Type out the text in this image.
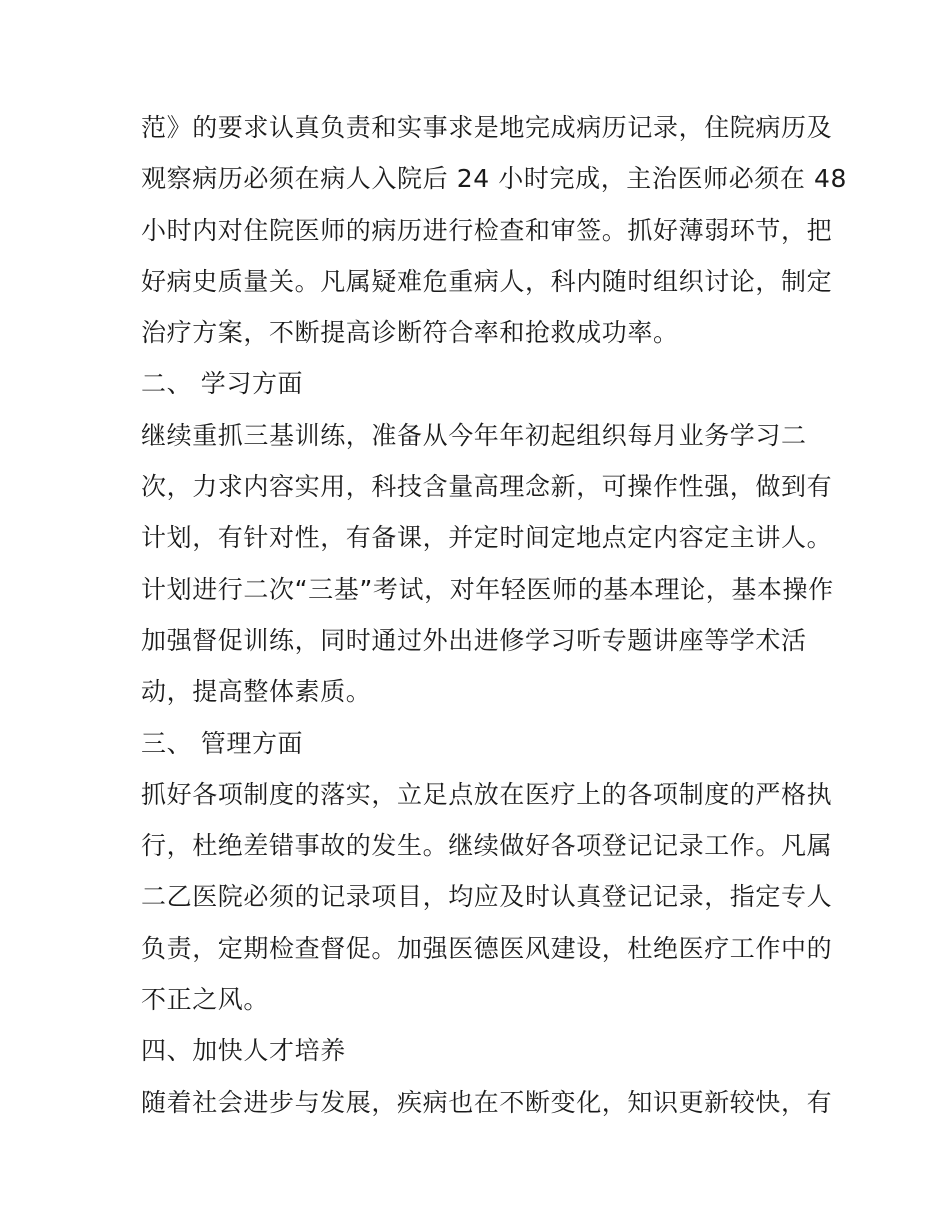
范》的要求认真负责和实事求是地完成病历记录，住院病历及

观察病历必须在病人入院后 24 小时完成，主治医师必须在 48

小时内对住院医师的病历进行检查和审签。抓好薄弱环节，把

好病史质量关。凡属疑难危重病人，科内随时组织讨论，制定

治疗方案，不断提高诊断符合率和抢救成功率。

二、 学习方面

继续重抓三基训练，准备从今年年初起组织每月业务学习二

次，力求内容实用，科技含量高理念新，可操作性强，做到有

计划，有针对性，有备课，并定时间定地点定内容定主讲人。

计划进行二次“三基”考试，对年轻医师的基本理论，基本操作

加强督促训练，同时通过外出进修学习听专题讲座等学术活

动，提高整体素质。

三、 管理方面

抓好各项制度的落实，立足点放在医疗上的各项制度的严格执

行，杜绝差错事故的发生。继续做好各项登记记录工作。凡属

二乙医院必须的记录项目，均应及时认真登记记录，指定专人

负责，定期检查督促。加强医德医风建设，杜绝医疗工作中的

不正之风。

四、加快人才培养

随着社会进步与发展，疾病也在不断变化，知识更新较快，有
